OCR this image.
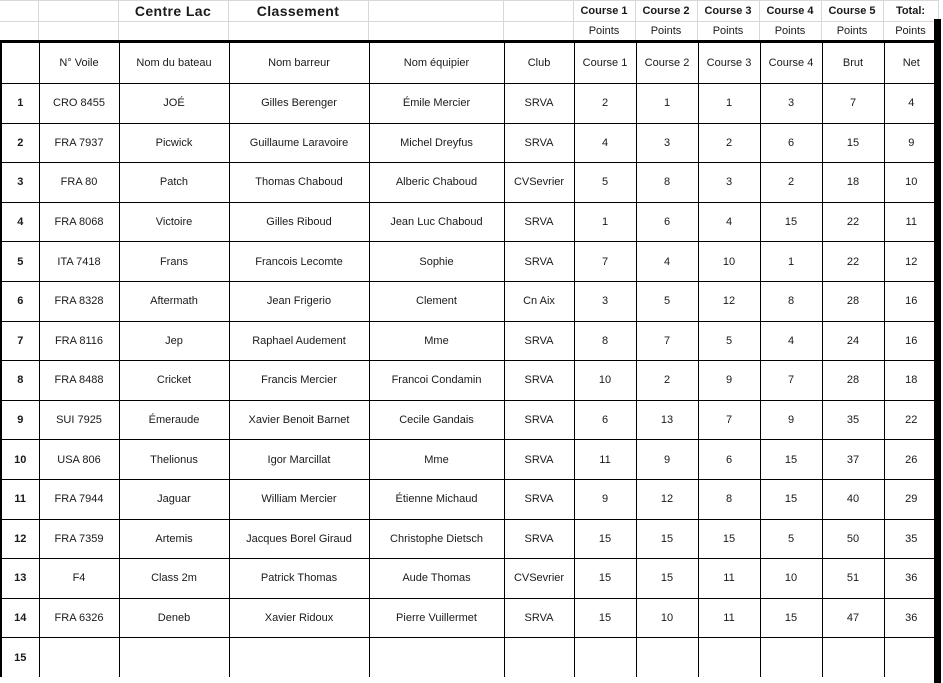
		Centre Lac	Classement			Course 1	Course 2	Course 3	Course 4	Course 5	Total:
						Points	Points	Points	Points	Points	Points
	N° Voile	Nom du bateau	Nom barreur	Nom équipier	Club	Course 1	Course 2	Course 3	Course 4	Brut	Net
1	CRO 8455	JOÉ	Gilles Berenger	Émile Mercier	SRVA	2	1	1	3	7	4
2	FRA 7937	Picwick	Guillaume Laravoire	Michel Dreyfus	SRVA	4	3	2	6	15	9
3	FRA 80	Patch	Thomas Chaboud	Alberic Chaboud	CVSevrier	5	8	3	2	18	10
4	FRA 8068	Victoire	Gilles Riboud	Jean Luc Chaboud	SRVA	1	6	4	15	22	11
5	ITA 7418	Frans	Francois Lecomte	Sophie	SRVA	7	4	10	1	22	12
6	FRA 8328	Aftermath	Jean Frigerio	Clement	Cn Aix	3	5	12	8	28	16
7	FRA 8116	Jep	Raphael Audement	Mme	SRVA	8	7	5	4	24	16
8	FRA 8488	Cricket	Francis Mercier	Francoi Condamin	SRVA	10	2	9	7	28	18
9	SUI 7925	Émeraude	Xavier Benoit Barnet	Cecile Gandais	SRVA	6	13	7	9	35	22
10	USA 806	Thelionus	Igor Marcillat	Mme	SRVA	11	9	6	15	37	26
11	FRA 7944	Jaguar	William Mercier	Étienne Michaud	SRVA	9	12	8	15	40	29
12	FRA 7359	Artemis	Jacques Borel Giraud	Christophe Dietsch	SRVA	15	15	15	5	50	35
13	F4	Class 2m	Patrick Thomas	Aude Thomas	CVSevrier	15	15	11	10	51	36
14	FRA 6326	Deneb	Xavier Ridoux	Pierre Vuillermet	SRVA	15	10	11	15	47	36
15											
